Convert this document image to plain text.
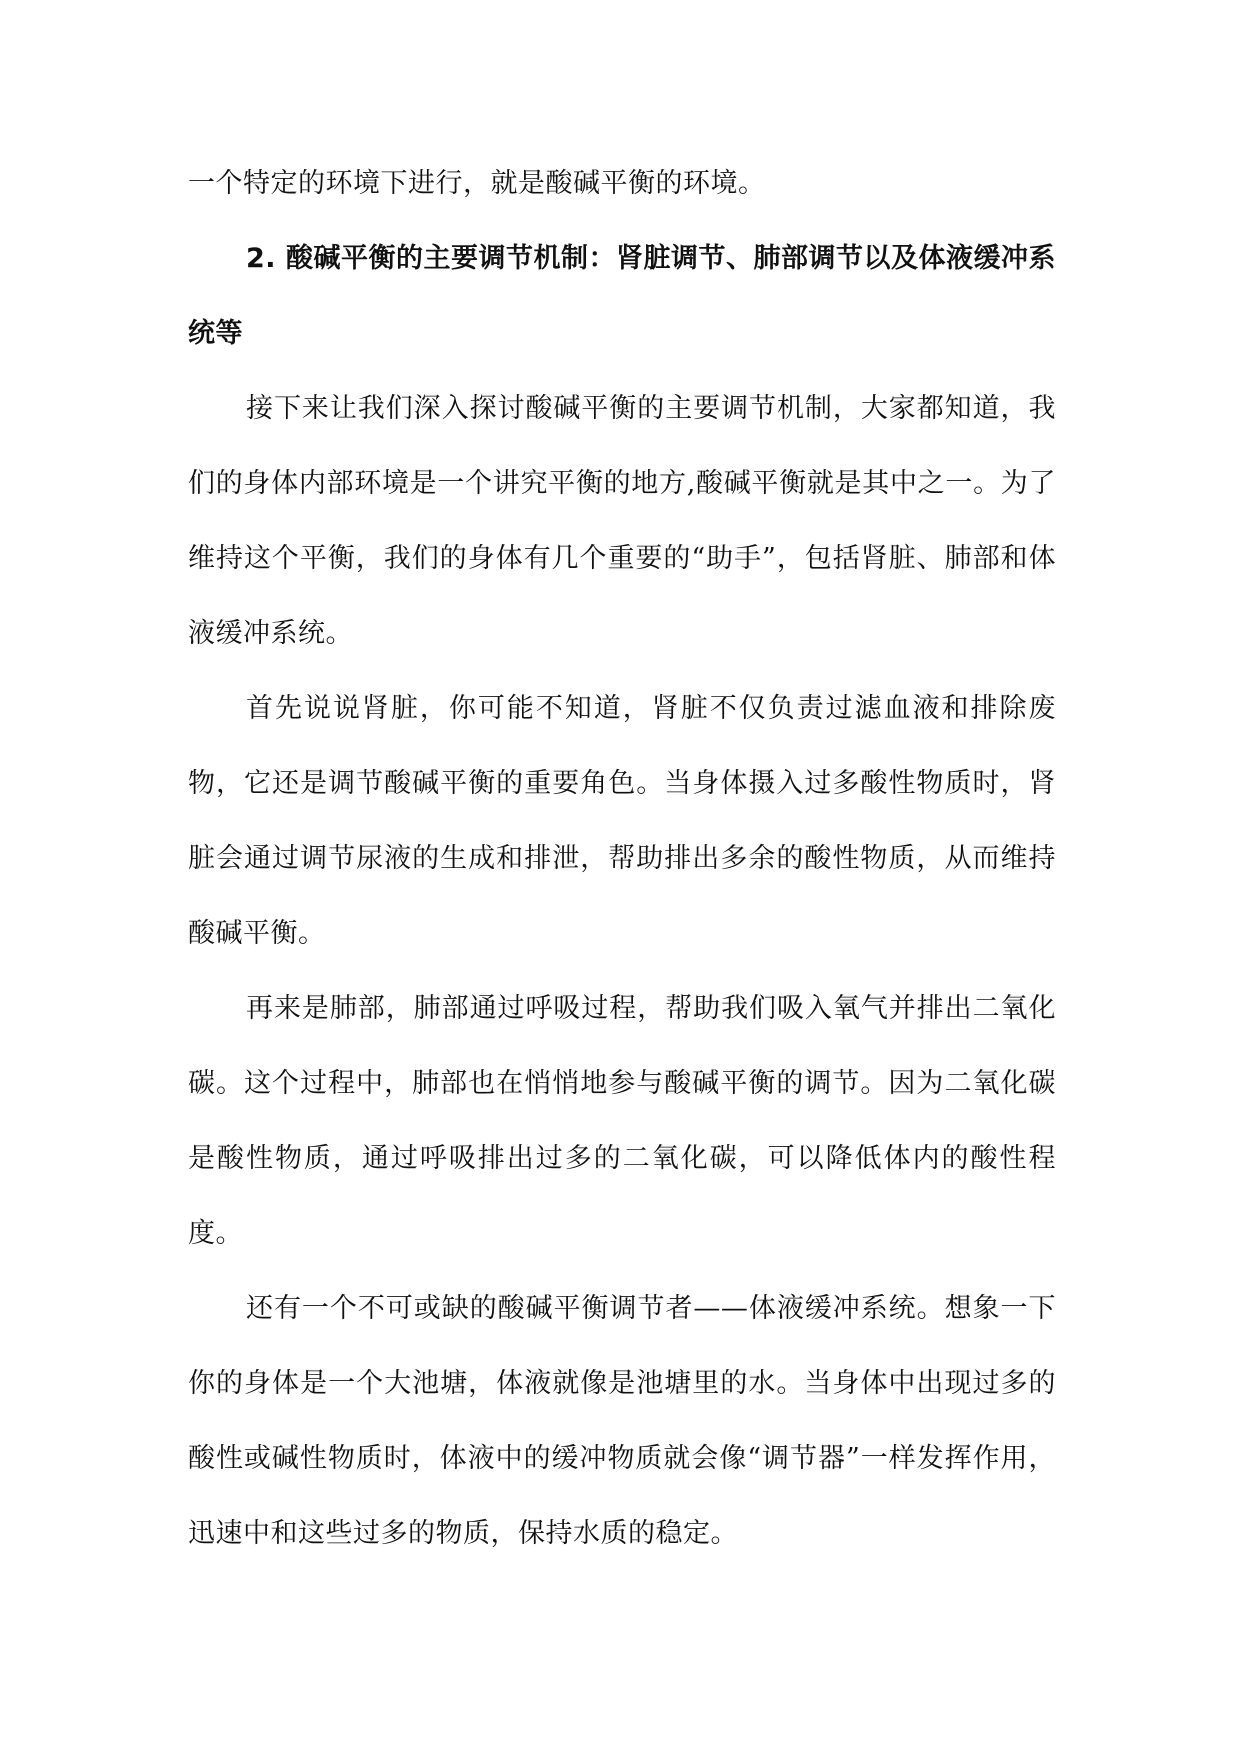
一个特定的环境下进行，就是酸碱平衡的环境。

2. 酸碱平衡的主要调节机制：肾脏调节、肺部调节以及体液缓冲系统等

接下来让我们深入探讨酸碱平衡的主要调节机制，大家都知道，我们的身体内部环境是一个讲究平衡的地方,酸碱平衡就是其中之一。为了维持这个平衡，我们的身体有几个重要的“助手”，包括肾脏、肺部和体液缓冲系统。

首先说说肾脏，你可能不知道，肾脏不仅负责过滤血液和排除废物，它还是调节酸碱平衡的重要角色。当身体摄入过多酸性物质时，肾脏会通过调节尿液的生成和排泄，帮助排出多余的酸性物质，从而维持酸碱平衡。

再来是肺部，肺部通过呼吸过程，帮助我们吸入氧气并排出二氧化碳。这个过程中，肺部也在悄悄地参与酸碱平衡的调节。因为二氧化碳是酸性物质，通过呼吸排出过多的二氧化碳，可以降低体内的酸性程度。

还有一个不可或缺的酸碱平衡调节者——体液缓冲系统。想象一下你的身体是一个大池塘，体液就像是池塘里的水。当身体中出现过多的酸性或碱性物质时，体液中的缓冲物质就会像“调节器”一样发挥作用，迅速中和这些过多的物质，保持水质的稳定。
